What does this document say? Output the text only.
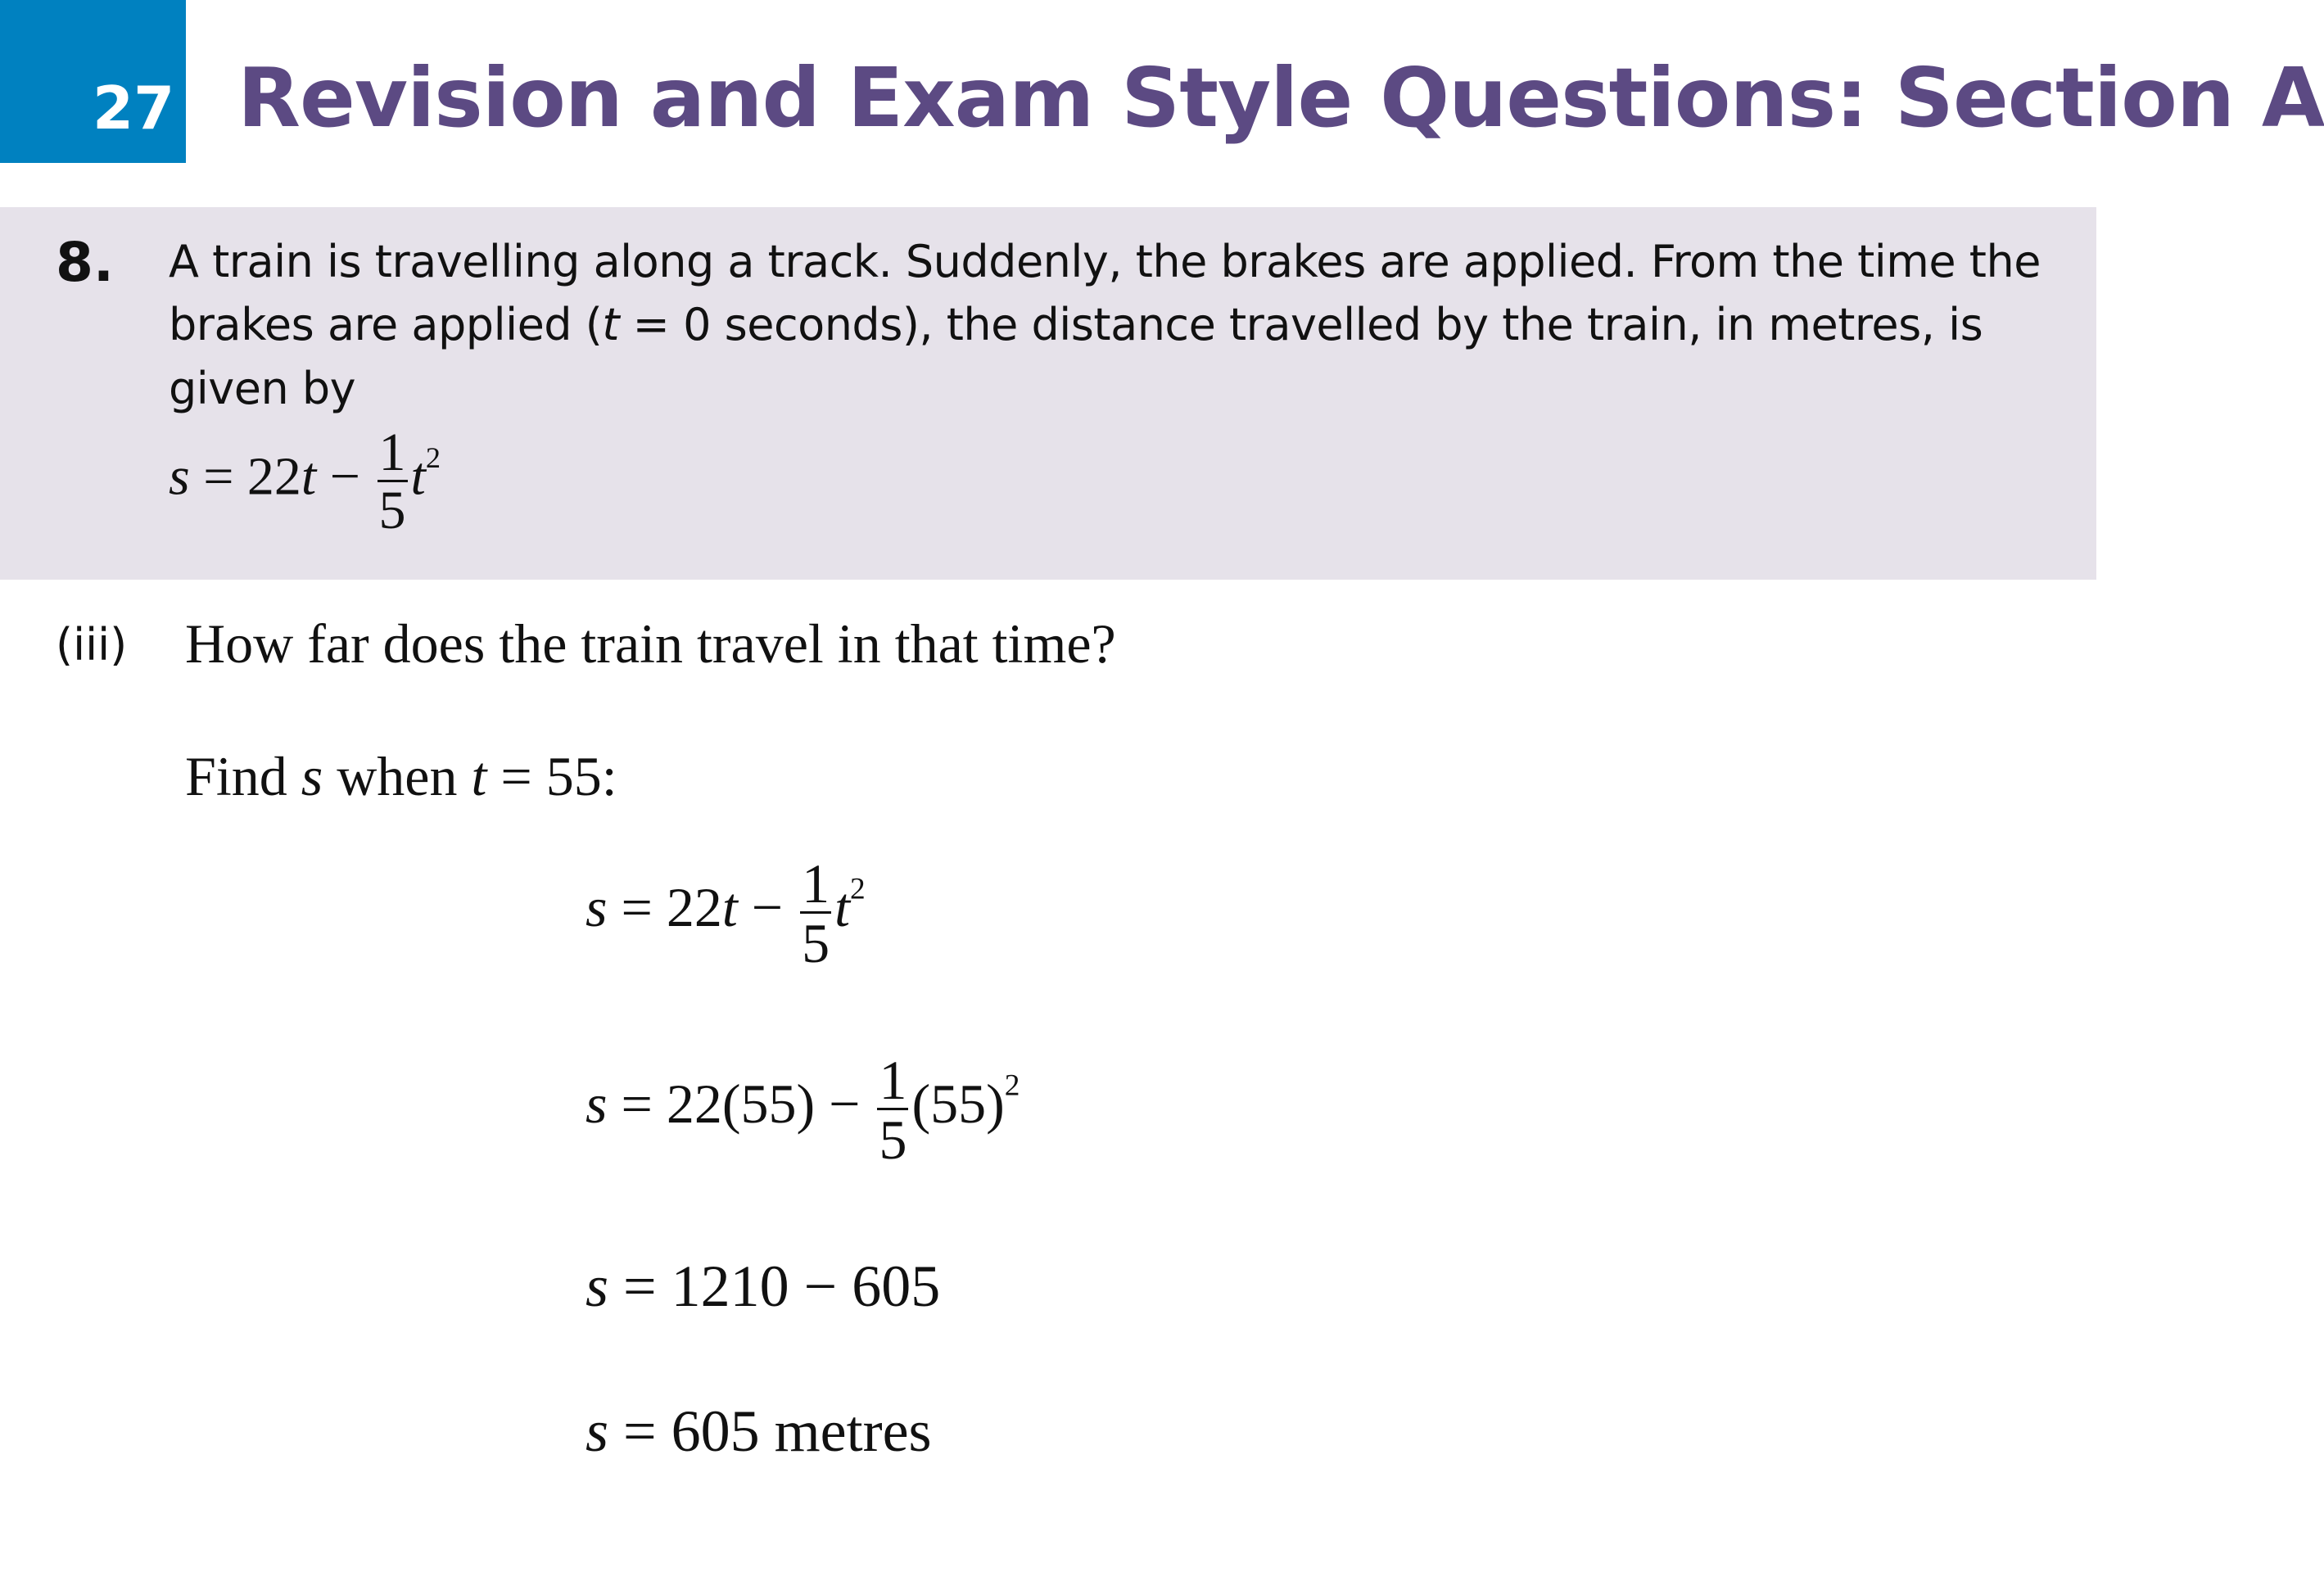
27 Revision and Exam Style Questions: Section A
8. A train is travelling along a track. Suddenly, the brakes are applied. From the time the
brakes are applied (t = 0 seconds), the distance travelled by the train, in metres, is
given by
$s = 22t - \frac{1}{5} t^2$
(iii) How far does the train travel in that time?
Find s when t = 55:
$s = 22t - \frac{1}{5} t^2$
$s = 22(55) - \frac{1}{5} (55)^2$
s = 1210 − 605
s = 605 metres
